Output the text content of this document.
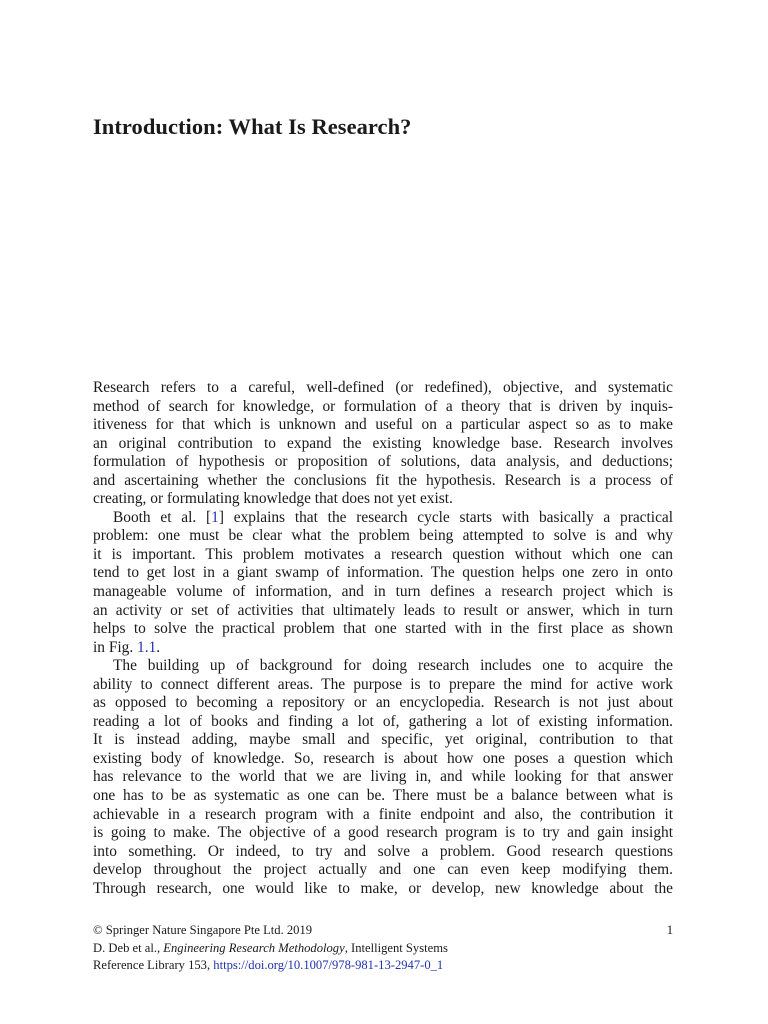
Introduction: What Is Research?
Research refers to a careful, well-defined (or redefined), objective, and systematic
method of search for knowledge, or formulation of a theory that is driven by inquis-
itiveness for that which is unknown and useful on a particular aspect so as to make
an original contribution to expand the existing knowledge base. Research involves
formulation of hypothesis or proposition of solutions, data analysis, and deductions;
and ascertaining whether the conclusions fit the hypothesis. Research is a process of
creating, or formulating knowledge that does not yet exist.
Booth et al. [1] explains that the research cycle starts with basically a practical
problem: one must be clear what the problem being attempted to solve is and why
it is important. This problem motivates a research question without which one can
tend to get lost in a giant swamp of information. The question helps one zero in onto
manageable volume of information, and in turn defines a research project which is
an activity or set of activities that ultimately leads to result or answer, which in turn
helps to solve the practical problem that one started with in the first place as shown
in Fig. 1.1.
The building up of background for doing research includes one to acquire the
ability to connect different areas. The purpose is to prepare the mind for active work
as opposed to becoming a repository or an encyclopedia. Research is not just about
reading a lot of books and finding a lot of, gathering a lot of existing information.
It is instead adding, maybe small and specific, yet original, contribution to that
existing body of knowledge. So, research is about how one poses a question which
has relevance to the world that we are living in, and while looking for that answer
one has to be as systematic as one can be. There must be a balance between what is
achievable in a research program with a finite endpoint and also, the contribution it
is going to make. The objective of a good research program is to try and gain insight
into something. Or indeed, to try and solve a problem. Good research questions
develop throughout the project actually and one can even keep modifying them.
Through research, one would like to make, or develop, new knowledge about the
© Springer Nature Singapore Pte Ltd. 2019	1
D. Deb et al., Engineering Research Methodology, Intelligent Systems
Reference Library 153, https://doi.org/10.1007/978-981-13-2947-0_1
